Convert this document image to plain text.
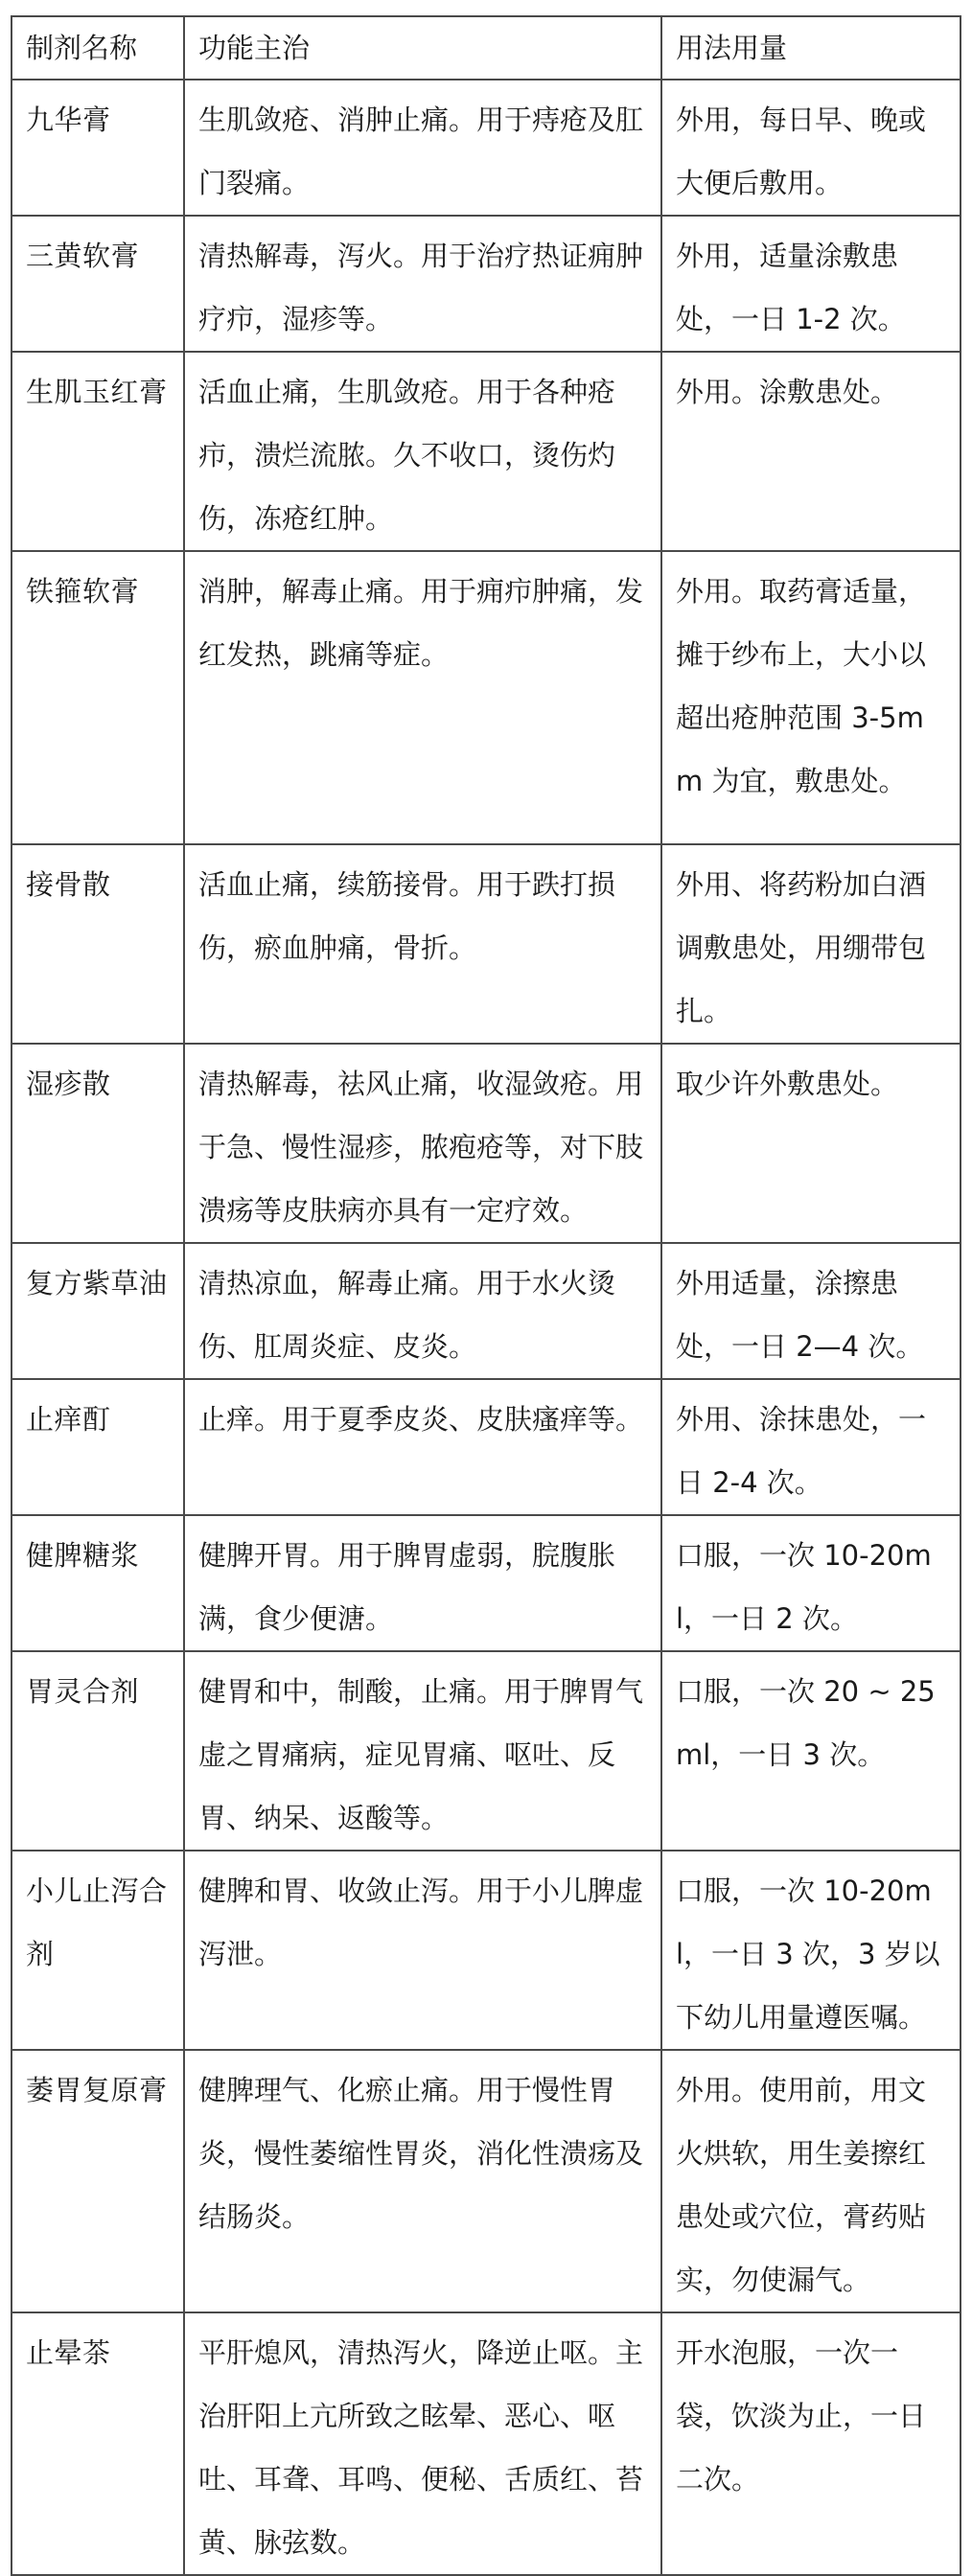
制剂名称	功能主治	用法用量
九华膏	生肌敛疮、消肿止痛。用于痔疮及肛门裂痛。	外用，每日早、晚或大便后敷用。
三黄软膏	清热解毒，泻火。用于治疗热证痈肿疗疖，湿疹等。	外用，适量涂敷患处，一日 1-2 次。
生肌玉红膏	活血止痛，生肌敛疮。用于各种疮疖，溃烂流脓。久不收口，烫伤灼伤，冻疮红肿。	外用。涂敷患处。
铁箍软膏	消肿，解毒止痛。用于痈疖肿痛，发红发热，跳痛等症。	外用。取药膏适量，摊于纱布上，大小以超出疮肿范围 3-5mm 为宜，敷患处。
接骨散	活血止痛，续筋接骨。用于跌打损伤，瘀血肿痛，骨折。	外用、将药粉加白酒调敷患处，用绷带包扎。
湿疹散	清热解毒，祛风止痛，收湿敛疮。用于急、慢性湿疹，脓疱疮等，对下肢溃疡等皮肤病亦具有一定疗效。	取少许外敷患处。
复方紫草油	清热凉血，解毒止痛。用于水火烫伤、肛周炎症、皮炎。	外用适量，涂擦患处，一日 2—4 次。
止痒酊	止痒。用于夏季皮炎、皮肤瘙痒等。	外用、涂抹患处，一日 2-4 次。
健脾糖浆	健脾开胃。用于脾胃虚弱，脘腹胀满，食少便溏。	口服，一次 10-20ml，一日 2 次。
胃灵合剂	健胃和中，制酸，止痛。用于脾胃气虚之胃痛病，症见胃痛、呕吐、反胃、纳呆、返酸等。	口服，一次 20 ~ 25ml，一日 3 次。
小儿止泻合剂	健脾和胃、收敛止泻。用于小儿脾虚泻泄。	口服，一次 10-20ml，一日 3 次，3 岁以下幼儿用量遵医嘱。
萎胃复原膏	健脾理气、化瘀止痛。用于慢性胃炎，慢性萎缩性胃炎，消化性溃疡及结肠炎。	外用。使用前，用文火烘软，用生姜擦红患处或穴位，膏药贴实，勿使漏气。
止晕茶	平肝熄风，清热泻火，降逆止呕。主治肝阳上亢所致之眩晕、恶心、呕吐、耳聋、耳鸣、便秘、舌质红、苔黄、脉弦数。	开水泡服，一次一袋，饮淡为止，一日二次。
